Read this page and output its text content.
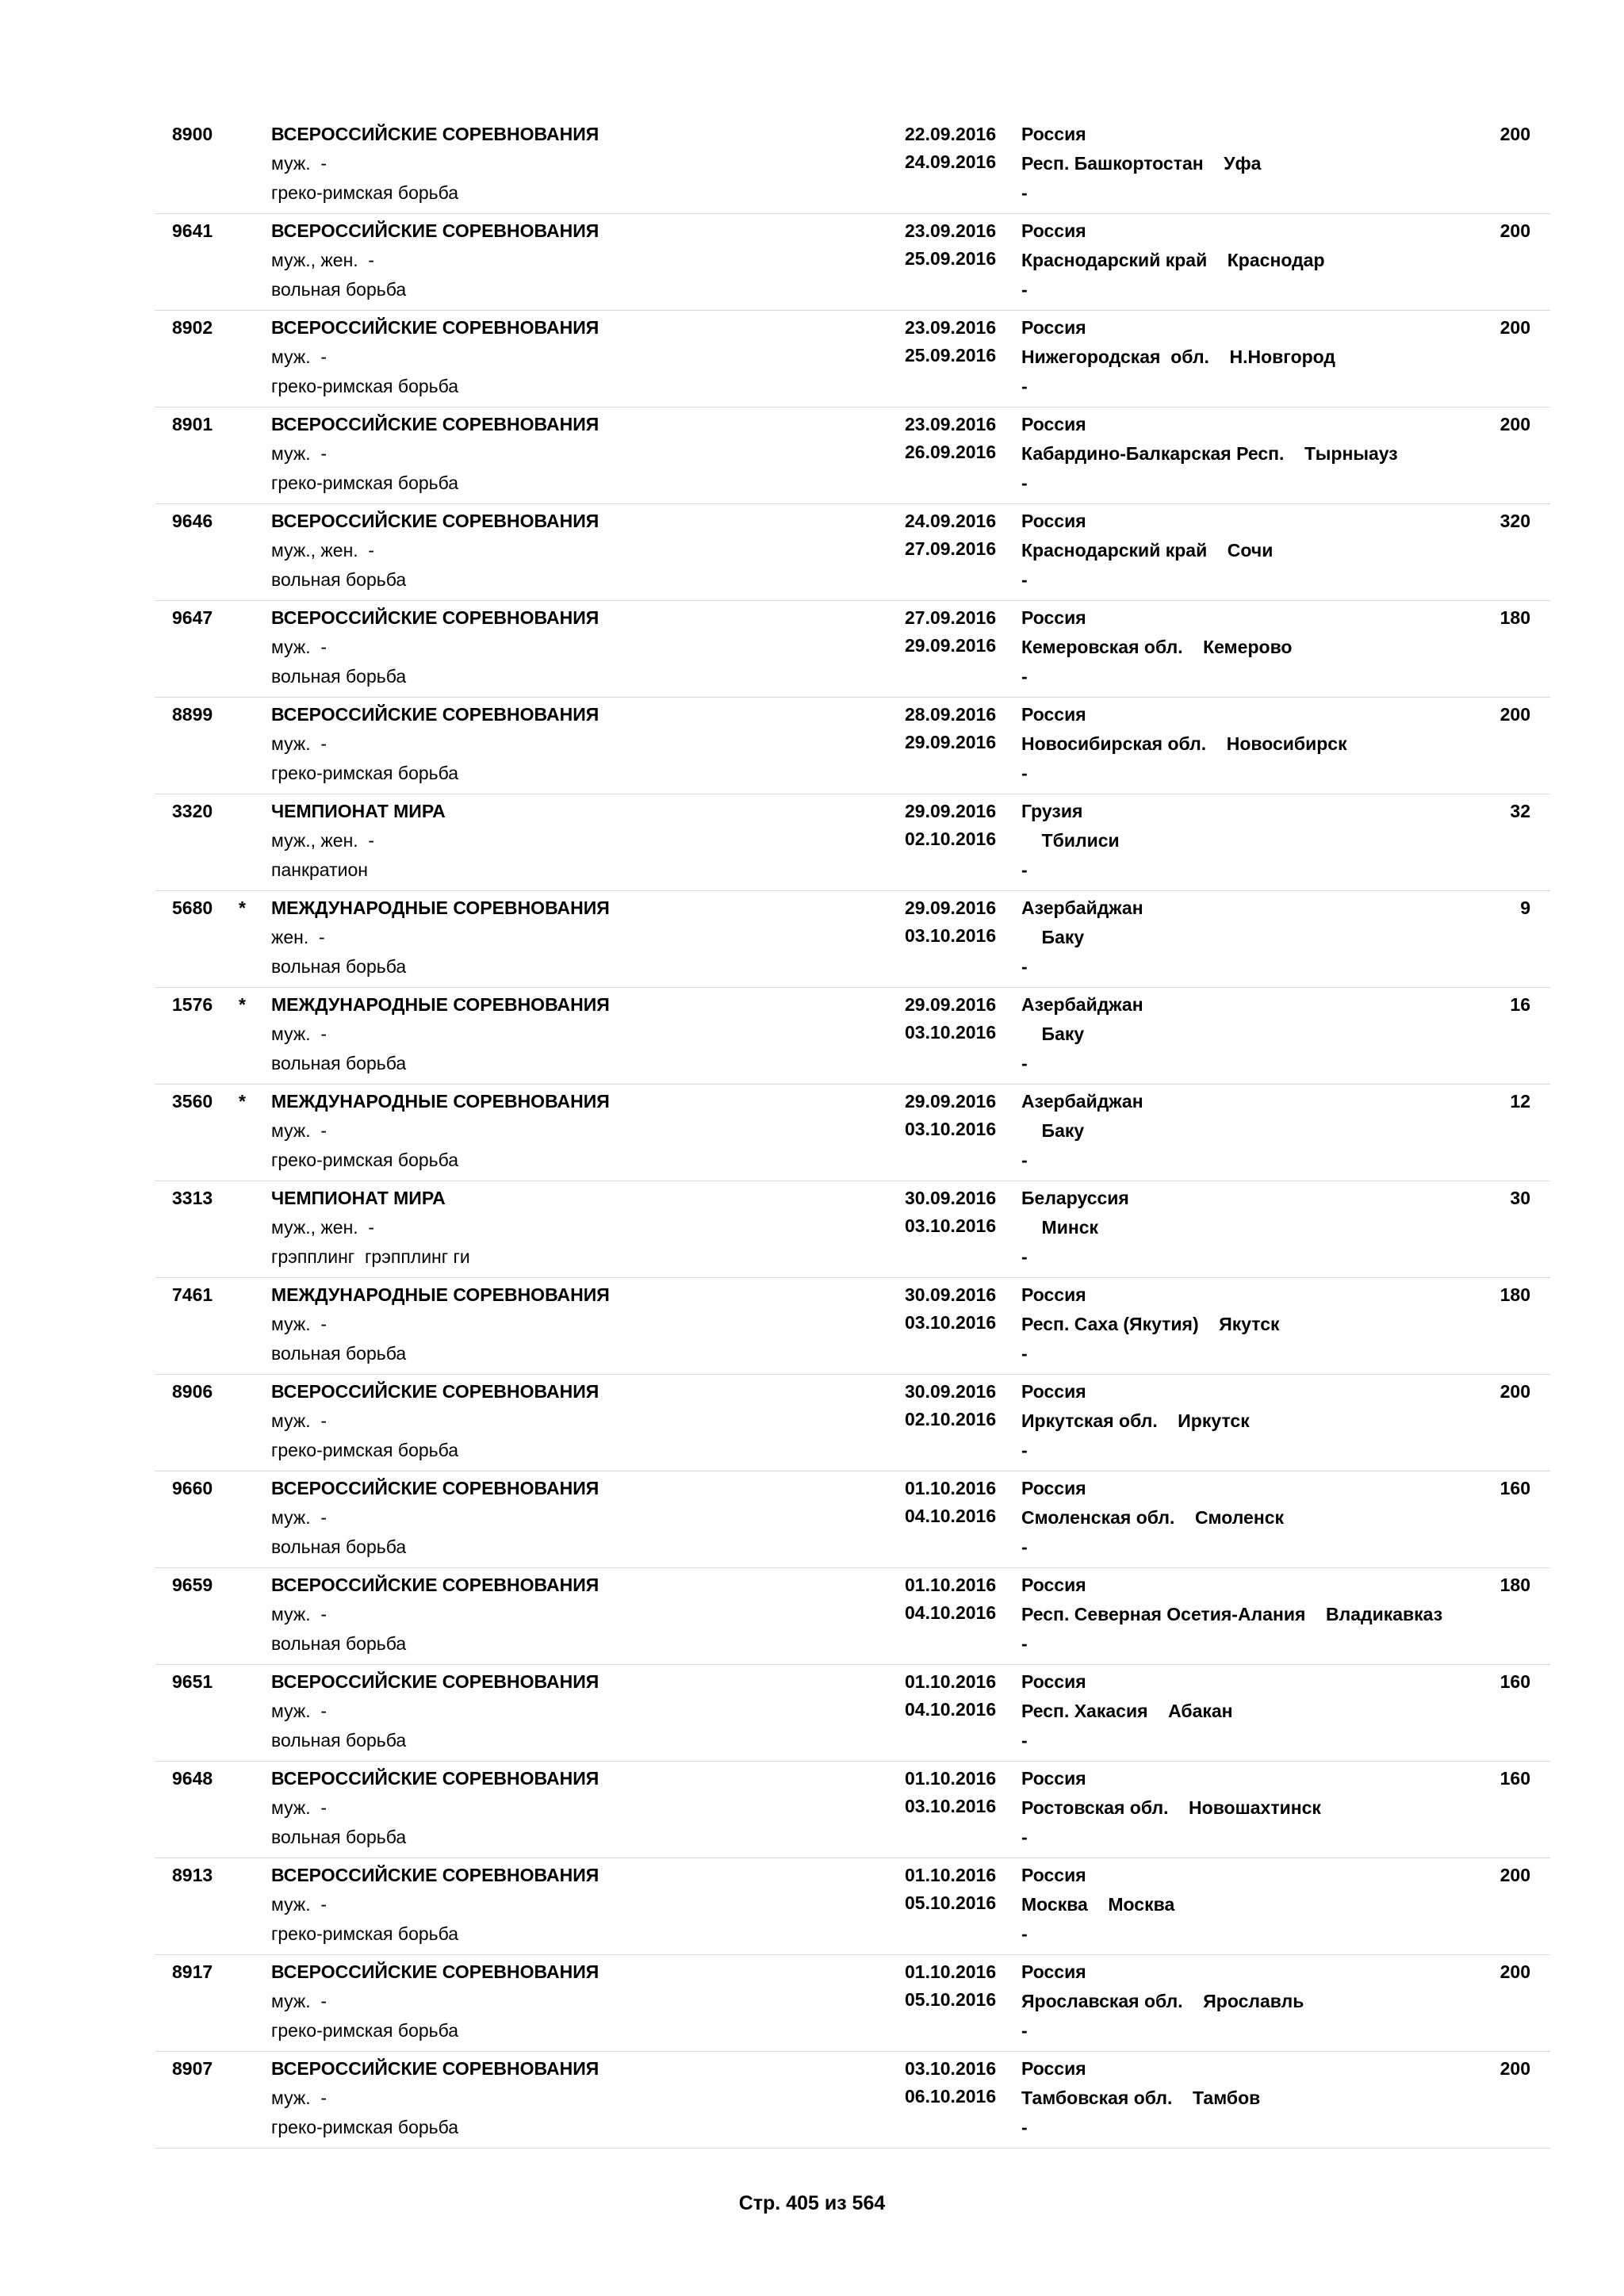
8900	ВСЕРОССИЙСКИЕ СОРЕВНОВАНИЯ
муж.  -
греко-римская борьба
22.09.2016
24.09.2016
Россия
Респ. Башкортостан    Уфа
-
200
9641	ВСЕРОССИЙСКИЕ СОРЕВНОВАНИЯ
муж., жен.  -
вольная борьба
23.09.2016
25.09.2016
Россия
Краснодарский край    Краснодар
-
200
8902	ВСЕРОССИЙСКИЕ СОРЕВНОВАНИЯ
муж.  -
греко-римская борьба
23.09.2016
25.09.2016
Россия
Нижегородская  обл.    Н.Новгород
-
200
8901	ВСЕРОССИЙСКИЕ СОРЕВНОВАНИЯ
муж.  -
греко-римская борьба
23.09.2016
26.09.2016
Россия
Кабардино-Балкарская Респ.    Тырныауз
-
200
9646	ВСЕРОССИЙСКИЕ СОРЕВНОВАНИЯ
муж., жен.  -
вольная борьба
24.09.2016
27.09.2016
Россия
Краснодарский край    Сочи
-
320
9647	ВСЕРОССИЙСКИЕ СОРЕВНОВАНИЯ
муж.  -
вольная борьба
27.09.2016
29.09.2016
Россия
Кемеровская обл.    Кемерово
-
180
8899	ВСЕРОССИЙСКИЕ СОРЕВНОВАНИЯ
муж.  -
греко-римская борьба
28.09.2016
29.09.2016
Россия
Новосибирская обл.    Новосибирск
-
200
3320	ЧЕМПИОНАТ МИРА
муж., жен.  -
панкратион
29.09.2016
02.10.2016
Грузия
Тбилиси
-
32
5680 * МЕЖДУНАРОДНЫЕ СОРЕВНОВАНИЯ
жен.  -
вольная борьба
29.09.2016
03.10.2016
Азербайджан
Баку
-
9
1576 * МЕЖДУНАРОДНЫЕ СОРЕВНОВАНИЯ
муж.  -
вольная борьба
29.09.2016
03.10.2016
Азербайджан
Баку
-
16
3560 * МЕЖДУНАРОДНЫЕ СОРЕВНОВАНИЯ
муж.  -
греко-римская борьба
29.09.2016
03.10.2016
Азербайджан
Баку
-
12
3313	ЧЕМПИОНАТ МИРА
муж., жен.  -
грэпплинг  грэпплинг ги
30.09.2016
03.10.2016
Беларуссия
Минск
-
30
7461	МЕЖДУНАРОДНЫЕ СОРЕВНОВАНИЯ
муж.  -
вольная борьба
30.09.2016
03.10.2016
Россия
Респ. Саха (Якутия)    Якутск
-
180
8906	ВСЕРОССИЙСКИЕ СОРЕВНОВАНИЯ
муж.  -
греко-римская борьба
30.09.2016
02.10.2016
Россия
Иркутская обл.    Иркутск
-
200
9660	ВСЕРОССИЙСКИЕ СОРЕВНОВАНИЯ
муж.  -
вольная борьба
01.10.2016
04.10.2016
Россия
Смоленская обл.    Смоленск
-
160
9659	ВСЕРОССИЙСКИЕ СОРЕВНОВАНИЯ
муж.  -
вольная борьба
01.10.2016
04.10.2016
Россия
Респ. Северная Осетия-Алания    Владикавказ
-
180
9651	ВСЕРОССИЙСКИЕ СОРЕВНОВАНИЯ
муж.  -
вольная борьба
01.10.2016
04.10.2016
Россия
Респ. Хакасия    Абакан
-
160
9648	ВСЕРОССИЙСКИЕ СОРЕВНОВАНИЯ
муж.  -
вольная борьба
01.10.2016
03.10.2016
Россия
Ростовская обл.    Новошахтинск
-
160
8913	ВСЕРОССИЙСКИЕ СОРЕВНОВАНИЯ
муж.  -
греко-римская борьба
01.10.2016
05.10.2016
Россия
Москва    Москва
-
200
8917	ВСЕРОССИЙСКИЕ СОРЕВНОВАНИЯ
муж.  -
греко-римская борьба
01.10.2016
05.10.2016
Россия
Ярославская обл.    Ярославль
-
200
8907	ВСЕРОССИЙСКИЕ СОРЕВНОВАНИЯ
муж.  -
греко-римская борьба
03.10.2016
06.10.2016
Россия
Тамбовская обл.    Тамбов
-
200
Стр. 405 из 564
